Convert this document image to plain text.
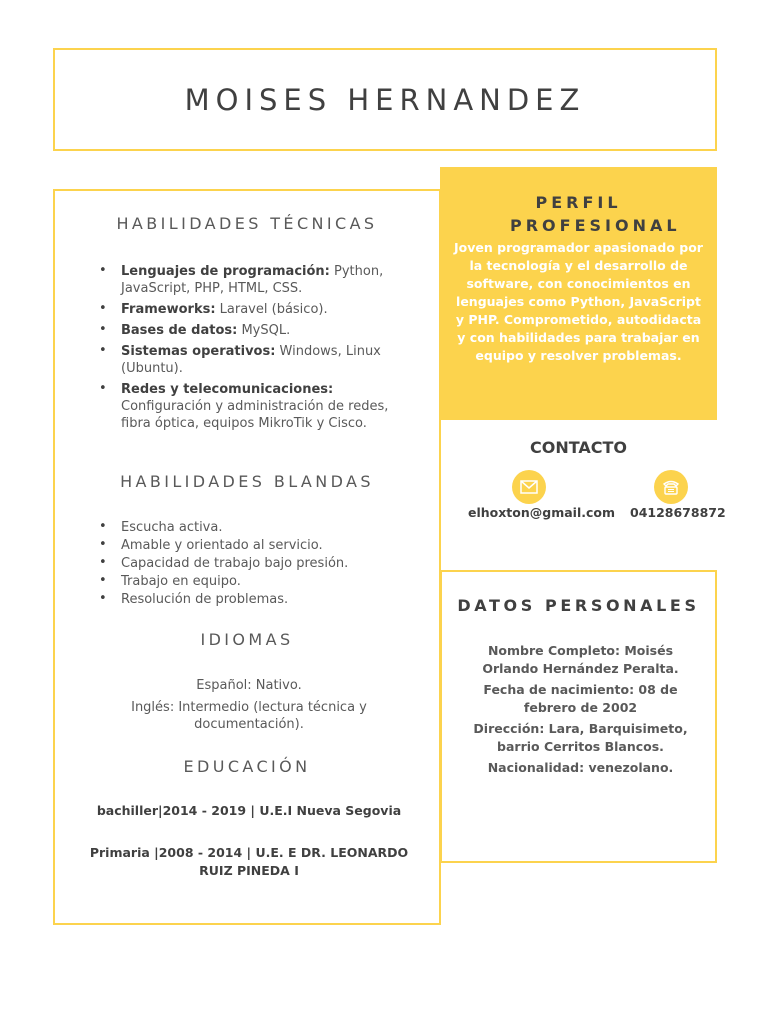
MOISES HERNANDEZ
HABILIDADES TÉCNICAS
• Lenguajes de programación: Python, JavaScript, PHP, HTML, CSS.
• Frameworks: Laravel (básico).
• Bases de datos: MySQL.
• Sistemas operativos: Windows, Linux (Ubuntu).
• Redes y telecomunicaciones: Configuración y administración de redes, fibra óptica, equipos MikroTik y Cisco.
HABILIDADES BLANDAS
• Escucha activa.
• Amable y orientado al servicio.
• Capacidad de trabajo bajo presión.
• Trabajo en equipo.
• Resolución de problemas.
IDIOMAS
Español: Nativo.
Inglés: Intermedio (lectura técnica y documentación).
EDUCACIÓN
bachiller|2014 - 2019 | U.E.I Nueva Segovia
Primaria |2008 - 2014 | U.E. E DR. LEONARDO RUIZ PINEDA I
PERFIL PROFESIONAL
Joven programador apasionado por la tecnología y el desarrollo de software, con conocimientos en lenguajes como Python, JavaScript y PHP. Comprometido, autodidacta y con habilidades para trabajar en equipo y resolver problemas.
CONTACTO
elhoxton@gmail.com 04128678872
DATOS PERSONALES
Nombre Completo: Moisés Orlando Hernández Peralta.
Fecha de nacimiento: 08 de febrero de 2002
Dirección: Lara, Barquisimeto, barrio Cerritos Blancos.
Nacionalidad: venezolano.
